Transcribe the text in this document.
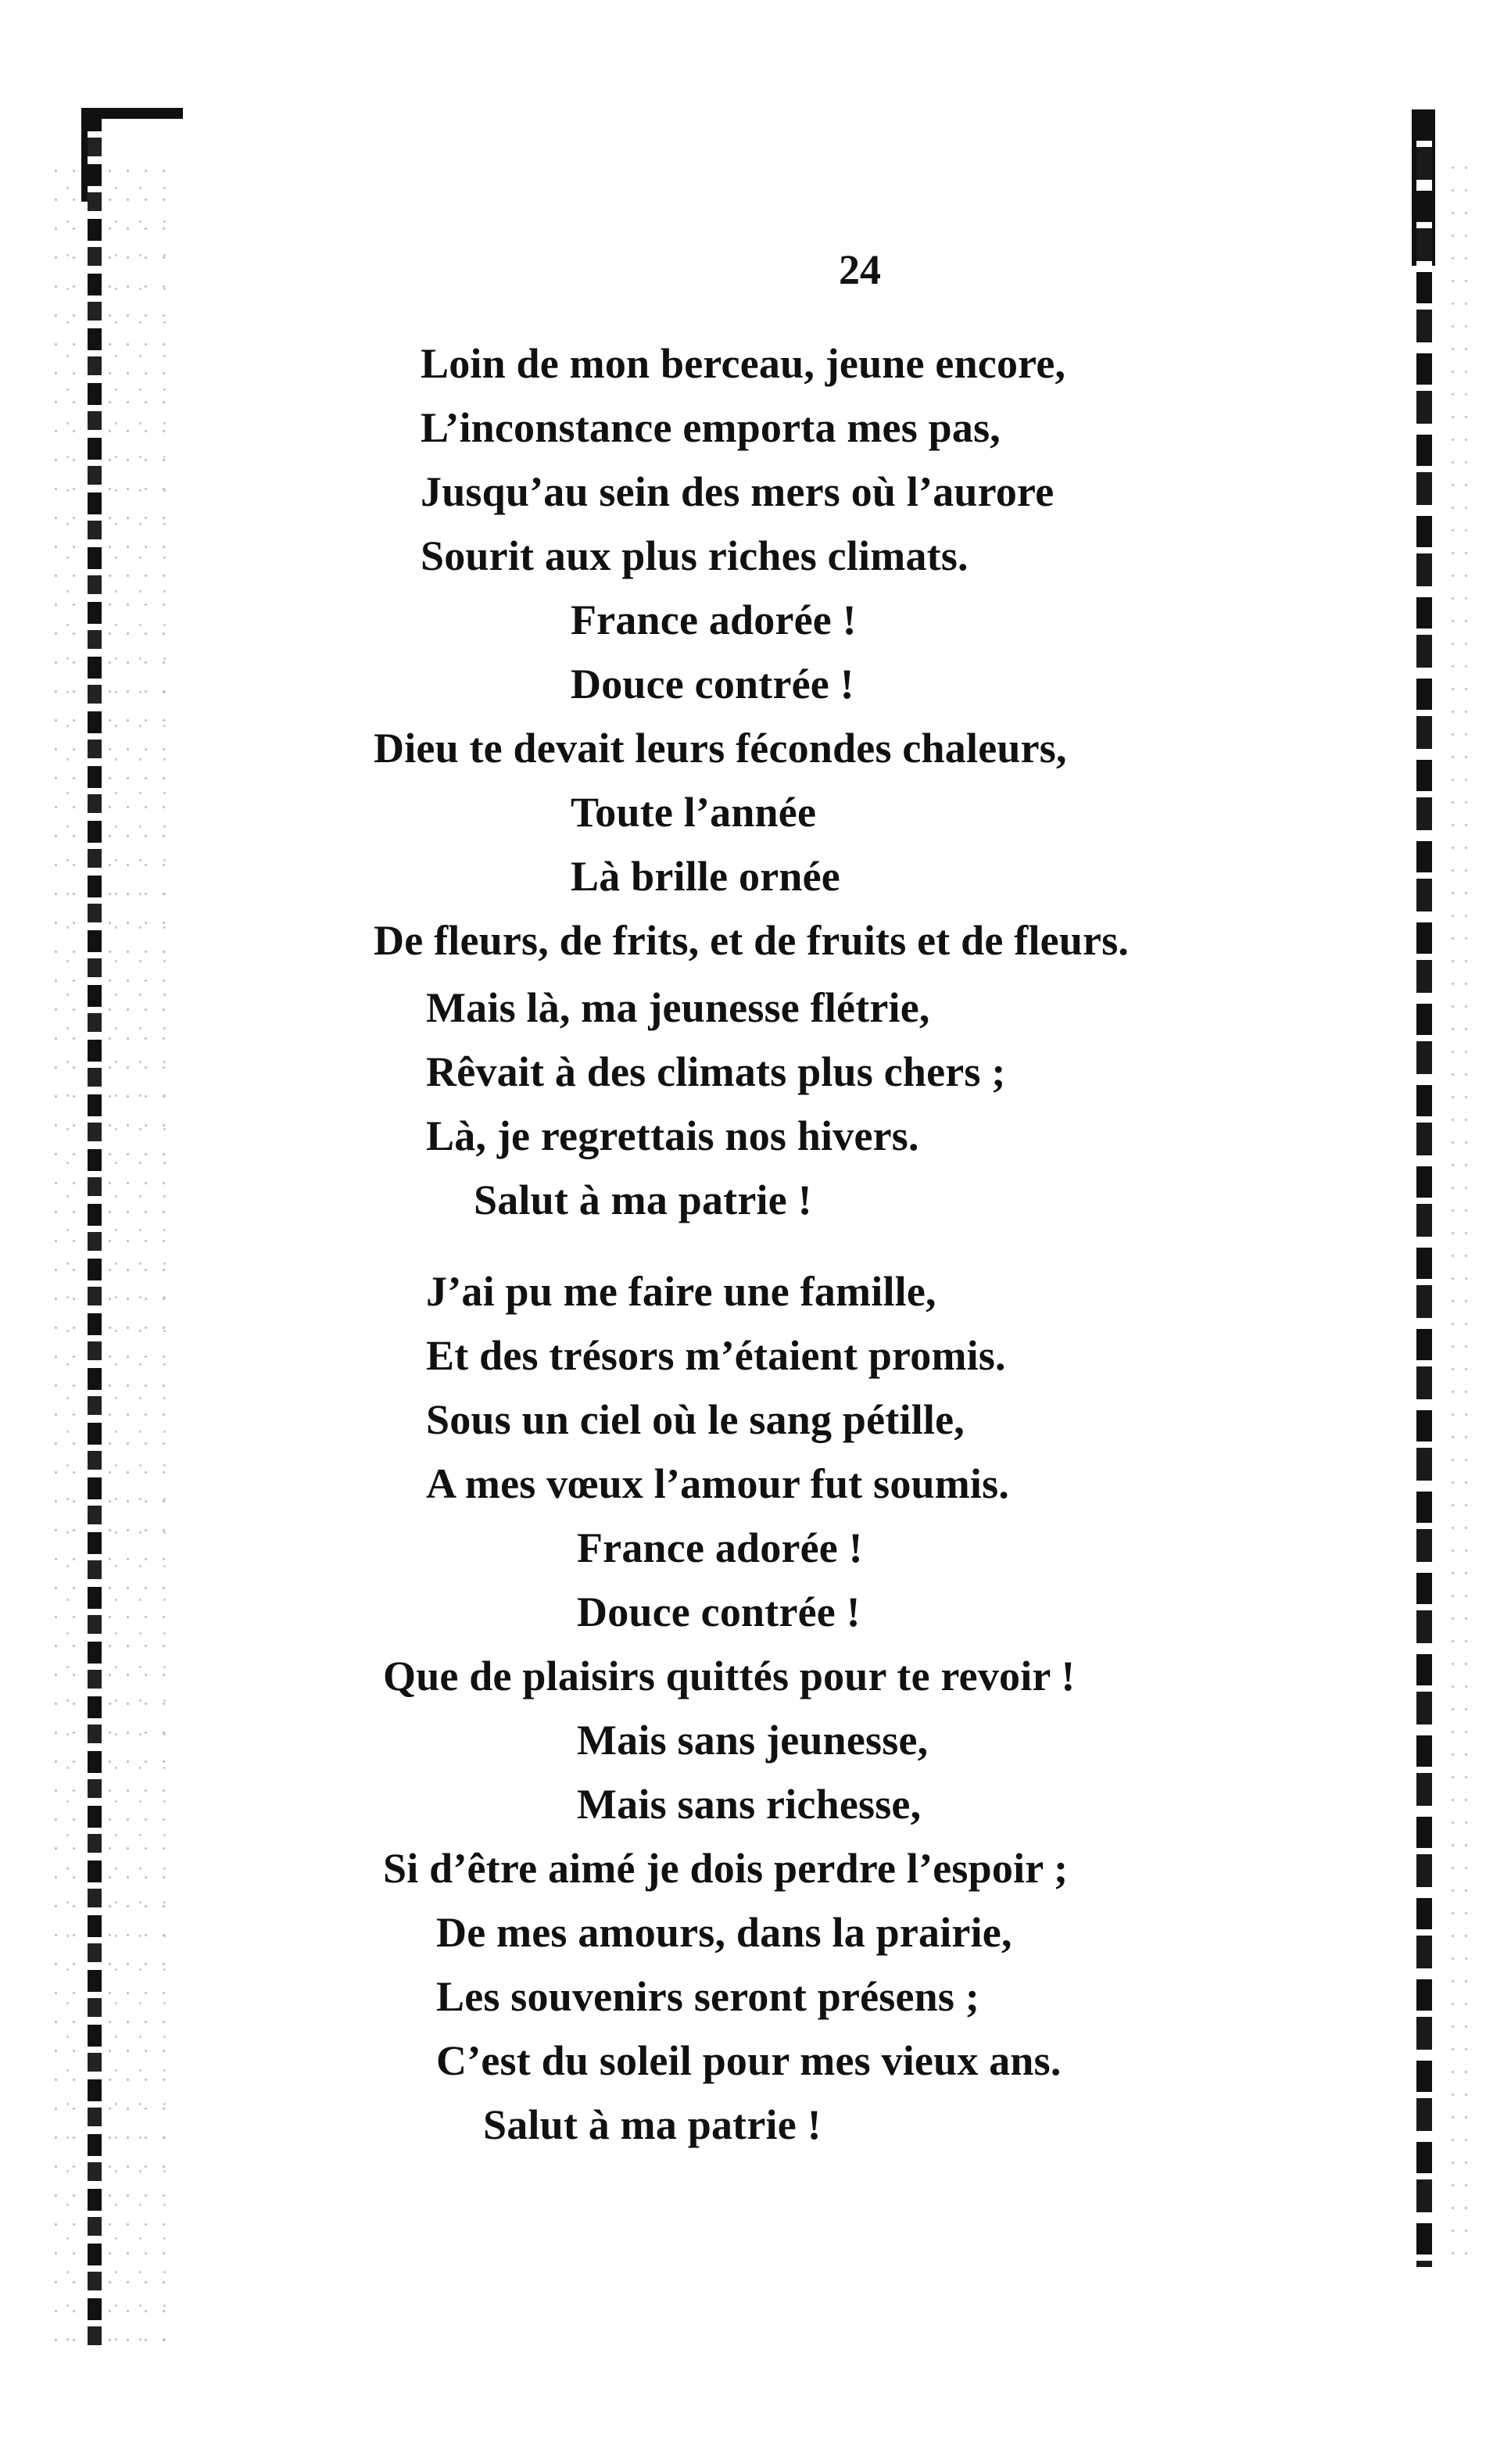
24
Loin de mon berceau, jeune encore,
L’inconstance emporta mes pas,
Jusqu’au sein des mers où l’aurore
Sourit aux plus riches climats.
France adorée !
Douce contrée !
Dieu te devait leurs fécondes chaleurs,
Toute l’année
Là brille ornée
De fleurs, de frits, et de fruits et de fleurs.
Mais là, ma jeunesse flétrie,
Rêvait à des climats plus chers ;
Là, je regrettais nos hivers.
Salut à ma patrie !
J’ai pu me faire une famille,
Et des trésors m’étaient promis.
Sous un ciel où le sang pétille,
A mes vœux l’amour fut soumis.
France adorée !
Douce contrée !
Que de plaisirs quittés pour te revoir !
Mais sans jeunesse,
Mais sans richesse,
Si d’être aimé je dois perdre l’espoir ;
De mes amours, dans la prairie,
Les souvenirs seront présens ;
C’est du soleil pour mes vieux ans.
Salut à ma patrie !
